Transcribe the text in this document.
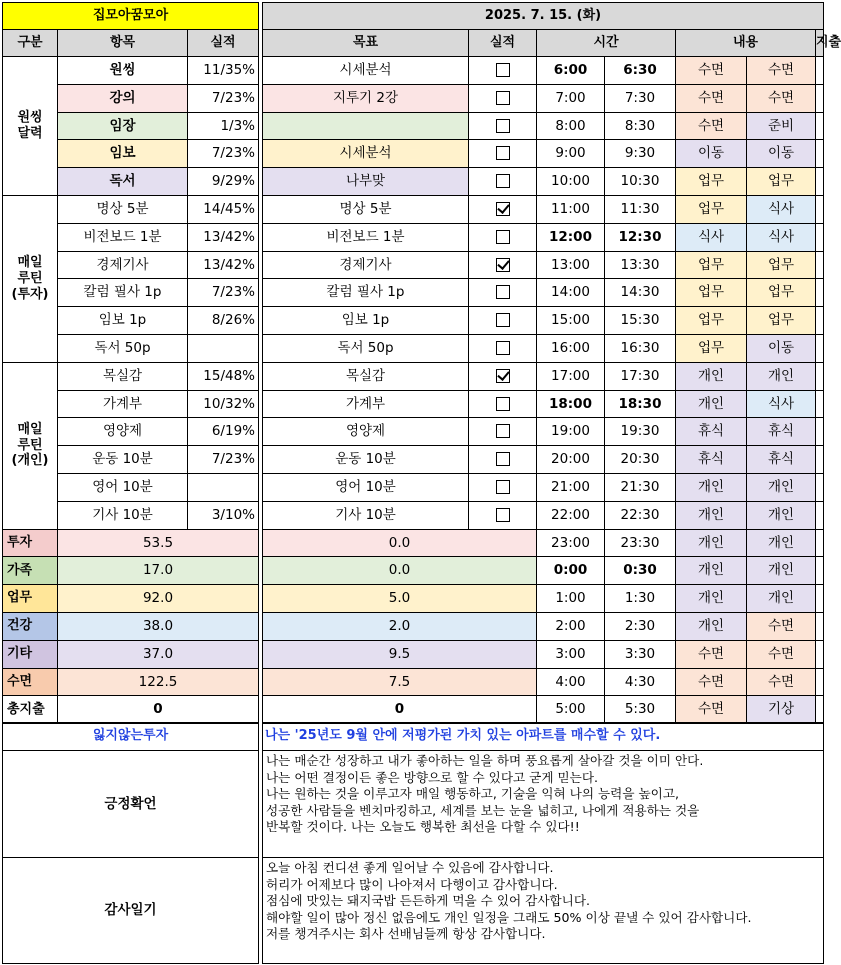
집모아꿈모아		
구분	항목	실적
원씽
달력	원씽	11/35%
	강의	7/23%
	임장	1/3%
	임보	7/23%
	독서	9/29%
매일
루틴
(투자)	명상 5분	14/45%
	비전보드 1분	13/42%
	경제기사	13/42%
	칼럼 필사 1p	7/23%
	임보 1p	8/26%
	독서 50p	
매일
루틴
(개인)	목실감	15/48%
	가계부	10/32%
	영양제	6/19%
	운동 10분	7/23%
	영어 10분	
	기사 10분	3/10%
투자	53.5	
가족	17.0	
업무	92.0	
건강	38.0	
기타	37.0	
수면	122.5	
총지출	0	
2025. 7. 15. (화)						
목표	실적	시간		내용		지출
시세분석		6:00	6:30	수면	수면	
지투기 2강		7:00	7:30	수면	수면	
		8:00	8:30	수면	준비	
시세분석		9:00	9:30	이동	이동	
나부맞		10:00	10:30	업무	업무	
명상 5분		11:00	11:30	업무	식사	
비전보드 1분		12:00	12:30	식사	식사	
경제기사		13:00	13:30	업무	업무	
칼럼 필사 1p		14:00	14:30	업무	업무	
임보 1p		15:00	15:30	업무	업무	
독서 50p		16:00	16:30	업무	이동	
목실감		17:00	17:30	개인	개인	
가계부		18:00	18:30	개인	식사	
영양제		19:00	19:30	휴식	휴식	
운동 10분		20:00	20:30	휴식	휴식	
영어 10분		21:00	21:30	개인	개인	
기사 10분		22:00	22:30	개인	개인	
0.0		23:00	23:30	개인	개인	
0.0		0:00	0:30	개인	개인	
5.0		1:00	1:30	개인	개인	
2.0		2:00	2:30	개인	수면	
9.5		3:00	3:30	수면	수면	
7.5		4:00	4:30	수면	수면	
0		5:00	5:30	수면	기상	
잃지않는투자		나는 '25년도 9월 안에 저평가된 가치 있는 아파트를 매수할 수 있다.
긍정확언		나는 매순간 성장하고 내가 좋아하는 일을 하며 풍요롭게 살아갈 것을 이미 안다.
나는 어떤 결정이든 좋은 방향으로 할 수 있다고 굳게 믿는다.
나는 원하는 것을 이루고자 매일 행동하고, 기술을 익혀 나의 능력을 높이고,
성공한 사람들을 벤치마킹하고, 세계를 보는 눈을 넓히고, 나에게 적용하는 것을
반복할 것이다. 나는 오늘도 행복한 최선을 다할 수 있다!!

감사일기		오늘 아침 컨디션 좋게 일어날 수 있음에 감사합니다.
허리가 어제보다 많이 나아져서 다행이고 감사합니다.
점심에 맛있는 돼지국밥 든든하게 먹을 수 있어 감사합니다.
해야할 일이 많아 정신 없음에도 개인 일정을 그래도 50% 이상 끝낼 수 있어 감사합니다.
저를 챙겨주시는 회사 선배님들께 항상 감사합니다.
